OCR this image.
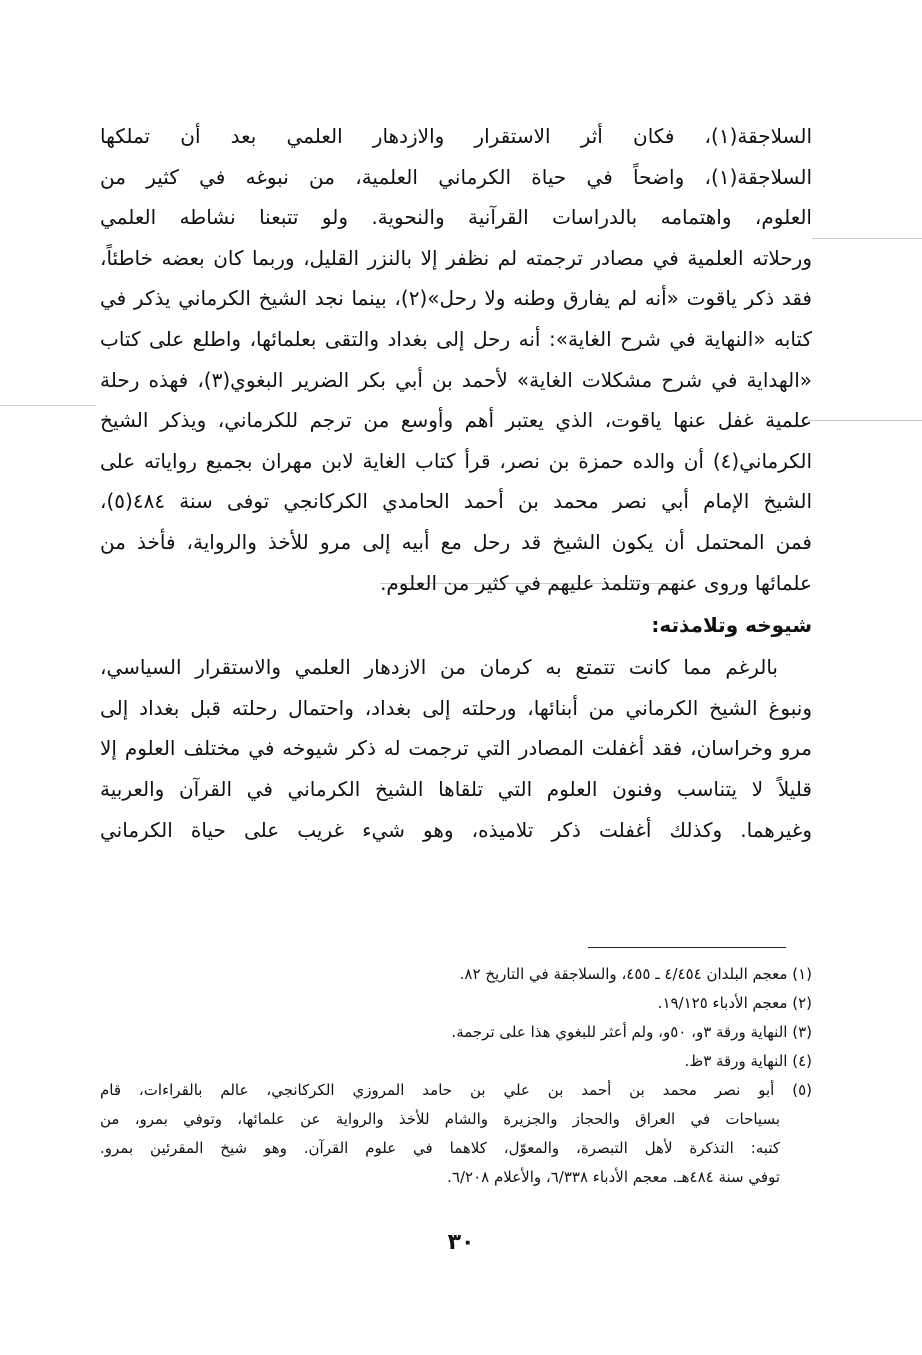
السلاجقة(١)، فكان أثر الاستقرار والازدهار العلمي بعد أن تملكها
السلاجقة(١)، واضحاً في حياة الكرماني العلمية، من نبوغه في كثير من
العلوم، واهتمامه بالدراسات القرآنية والنحوية. ولو تتبعنا نشاطه العلمي
ورحلاته العلمية في مصادر ترجمته لم نظفر إلا بالنزر القليل، وربما كان بعضه خاطئاً،
فقد ذكر ياقوت «أنه لم يفارق وطنه ولا رحل»(٢)، بينما نجد الشيخ الكرماني يذكر في
كتابه «النهاية في شرح الغاية»: أنه رحل إلى بغداد والتقى بعلمائها، واطلع على كتاب
«الهداية في شرح مشكلات الغاية» لأحمد بن أبي بكر الضرير البغوي(٣)، فهذه رحلة
علمية غفل عنها ياقوت، الذي يعتبر أهم وأوسع من ترجم للكرماني، ويذكر الشيخ
الكرماني(٤) أن والده حمزة بن نصر، قرأ كتاب الغاية لابن مهران بجميع رواياته على
الشيخ الإمام أبي نصر محمد بن أحمد الحامدي الكركانجي توفى سنة ٤٨٤(٥)،
فمن المحتمل أن يكون الشيخ قد رحل مع أبيه إلى مرو للأخذ والرواية، فأخذ من
علمائها وروى عنهم وتتلمذ عليهم في كثير من العلوم.
شيوخه وتلامذته:
بالرغم مما كانت تتمتع به كرمان من الازدهار العلمي والاستقرار السياسي،
ونبوغ الشيخ الكرماني من أبنائها، ورحلته إلى بغداد، واحتمال رحلته قبل بغداد إلى
مرو وخراسان، فقد أغفلت المصادر التي ترجمت له ذكر شيوخه في مختلف العلوم إلا
قليلاً لا يتناسب وفنون العلوم التي تلقاها الشيخ الكرماني في القرآن والعربية
وغيرهما. وكذلك أغفلت ذكر تلاميذه، وهو شيء غريب على حياة الكرماني
(١) معجم البلدان ٤/٤٥٤ ـ ٤٥٥، والسلاجقة في التاريخ ٨٢.
(٢) معجم الأدباء ١٩/١٢٥.
(٣) النهاية ورقة ٣و، ٥٠و، ولم أعثر للبغوي هذا على ترجمة.
(٤) النهاية ورقة ٣ظ.
(٥) أبو نصر محمد بن أحمد بن علي بن حامد المروزي الكركانجي، عالم بالقراءات، قام
بسياحات في العراق والحجاز والجزيرة والشام للأخذ والرواية عن علمائها، وتوفي بمرو، من
كتبه: التذكرة لأهل التبصرة، والمعوّل، كلاهما في علوم القرآن. وهو شيخ المقرئين بمرو.
توفي سنة ٤٨٤هـ. معجم الأدباء ٦/٣٣٨، والأعلام ٦/٢٠٨.
٣٠
